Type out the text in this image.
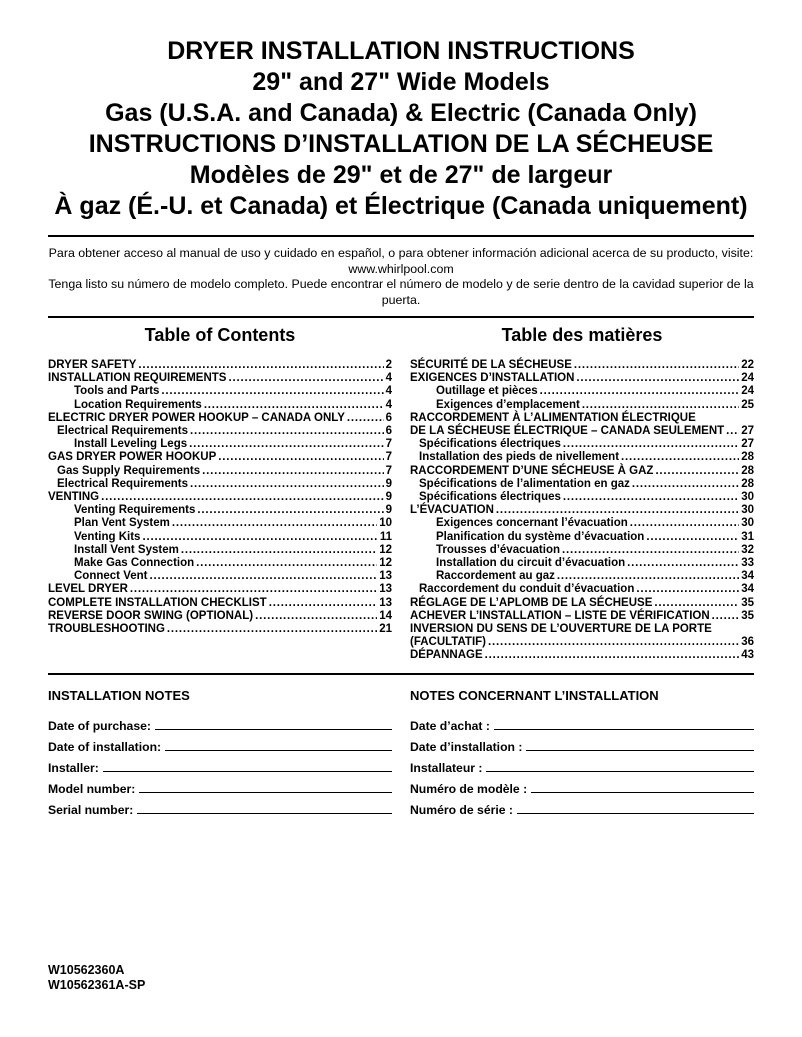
DRYER INSTALLATION INSTRUCTIONS
29" and 27" Wide Models
Gas (U.S.A. and Canada) & Electric (Canada Only)
INSTRUCTIONS D’INSTALLATION DE LA SÉCHEUSE
Modèles de 29" et de 27" de largeur
À gaz (É.-U. et Canada) et Électrique (Canada uniquement)
Para obtener acceso al manual de uso y cuidado en español, o para obtener información adicional acerca de su producto, visite:
www.whirlpool.com
Tenga listo su número de modelo completo. Puede encontrar el número de modelo y de serie dentro de la cavidad superior de la puerta.
Table of Contents
DRYER SAFETY .....	2
INSTALLATION REQUIREMENTS .....	4
Tools and Parts .....	4
Location Requirements .....	4
ELECTRIC DRYER POWER HOOKUP – CANADA ONLY .....	6
Electrical Requirements .....	6
Install Leveling Legs .....	7
GAS DRYER POWER HOOKUP .....	7
Gas Supply Requirements .....	7
Electrical Requirements .....	9
VENTING .....	9
Venting Requirements .....	9
Plan Vent System .....	10
Venting Kits .....	11
Install Vent System .....	12
Make Gas Connection .....	12
Connect Vent .....	13
LEVEL DRYER .....	13
COMPLETE INSTALLATION CHECKLIST .....	13
REVERSE DOOR SWING (OPTIONAL) .....	14
TROUBLESHOOTING .....	21
Table des matières
SÉCURITÉ DE LA SÉCHEUSE .....	22
EXIGENCES D’INSTALLATION .....	24
Outillage et pièces .....	24
Exigences d’emplacement .....	25
RACCORDEMENT À L’ALIMENTATION ÉLECTRIQUE
DE LA SÉCHEUSE ÉLECTRIQUE – CANADA SEULEMENT ..... 27
Spécifications électriques .....	27
Installation des pieds de nivellement .....	28
RACCORDEMENT D’UNE SÉCHEUSE À GAZ .....	28
Spécifications de l’alimentation en gaz .....	28
Spécifications électriques .....	30
L’ÉVACUATION .....	30
Exigences concernant l’évacuation .....	30
Planification du système d’évacuation .....	31
Trousses d’évacuation .....	32
Installation du circuit d’évacuation .....	33
Raccordement au gaz .....	34
Raccordement du conduit d’évacuation .....	34
RÉGLAGE DE L’APLOMB DE LA SÉCHEUSE .....	35
ACHEVER L’INSTALLATION – LISTE DE VÉRIFICATION .....	35
INVERSION DU SENS DE L’OUVERTURE DE LA PORTE
(FACULTATIF) .....	36
DÉPANNAGE .....	43
INSTALLATION NOTES
Date of purchase:
Date of installation:
Installer:
Model number:
Serial number:
NOTES CONCERNANT L’INSTALLATION
Date d’achat :
Date d’installation :
Installateur :
Numéro de modèle :
Numéro de série :
W10562360A
W10562361A-SP
